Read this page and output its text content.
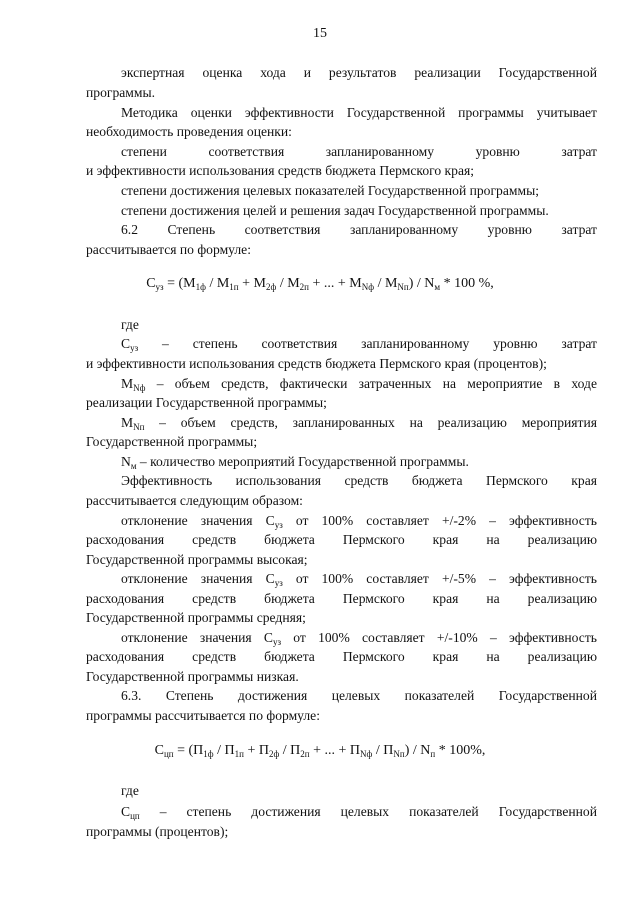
15
экспертная оценка хода и результатов реализации Государственной
программы.
Методика оценки эффективности Государственной программы учитывает
необходимость проведения оценки:
степени соответствия запланированному уровню затрат
и эффективности использования средств бюджета Пермского края;
степени достижения целевых показателей Государственной программы;
степени достижения целей и решения задач Государственной программы.
6.2 Степень соответствия запланированному уровню затрат
рассчитывается по формуле:
$С_{уз} = (М_{1ф} / М_{1п} + М_{2ф} / М_{2п}$ + ... + $М_{Nф} / М_{Nп}) / N_м * 100$ %,
где
$С_{уз}$ – степень соответствия запланированному уровню затрат
и эффективности использования средств бюджета Пермского края (процентов);
$М_{Nф}$ – объем средств, фактически затраченных на мероприятие в ходе
реализации Государственной программы;
$М_{Nп}$ – объем средств, запланированных на реализацию мероприятия
Государственной программы;
$N_м$ – количество мероприятий Государственной программы.
Эффективность использования средств бюджета Пермского края
рассчитывается следующим образом:
отклонение значения $С_{уз}$ от 100% составляет +/-2% – эффективность
расходования средств бюджета Пермского края на реализацию
Государственной программы высокая;
отклонение значения $С_{уз}$ от 100% составляет +/-5% – эффективность
расходования средств бюджета Пермского края на реализацию
Государственной программы средняя;
отклонение значения $С_{уз}$ от 100% составляет +/-10% – эффективность
расходования средств бюджета Пермского края на реализацию
Государственной программы низкая.
6.3. Степень достижения целевых показателей Государственной
программы рассчитывается по формуле:
$С_{цп} = (П_{1ф} / П_{1п} + П_{2ф} / П_{2п}$ + ... + $П_{Nф} / П_{Nп}) / N_п * 100\%$,
где
$С_{цп}$ – степень достижения целевых показателей Государственной
программы (процентов);
